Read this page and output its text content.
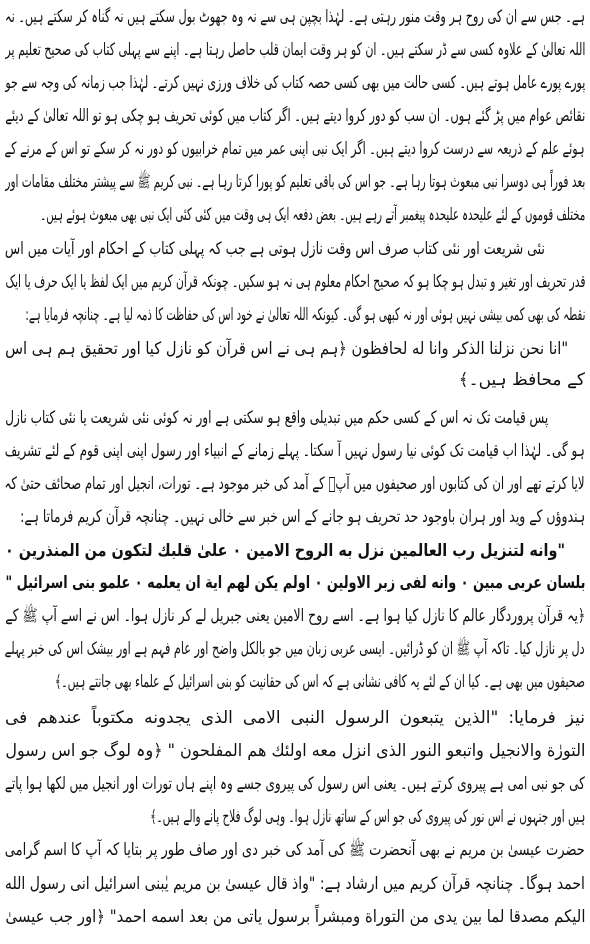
ہے۔ جس سے ان کی روح ہر وقت منور رہتی ہے۔ لہٰذا بچپن ہی سے نہ وہ جھوٹ بول سکتے ہیں نہ گناہ کر سکتے ہیں۔ نہ
اللہ تعالیٰ کے علاوہ کسی سے ڈر سکتے ہیں۔ ان کو ہر وقت ایمان قلب حاصل رہتا ہے۔ اپنے سے پہلی کتاب کی صحیح تعلیم پر
پورے پورے عامل ہوتے ہیں۔ کسی حالت میں بھی کسی حصہ کتاب کی خلاف ورزی نہیں کرتے۔ لہٰذا جب زمانہ کی وجہ سے جو
نقائص عوام میں پڑ گئے ہوں۔ ان سب کو دور کروا دیتے ہیں۔ اگر کتاب میں کوئی تحریف ہو چکی ہو تو اللہ تعالیٰ کے دیئے
ہوئے علم کے ذریعہ سے درست کروا دیتے ہیں۔ اگر ایک نبی اپنی عمر میں تمام خرابیوں کو دور نہ کر سکے تو اس کے مرنے کے
بعد فوراً ہی دوسرا نبی مبعوث ہوتا رہا ہے۔ جو اس کی باقی تعلیم کو پورا کرتا رہا ہے۔ نبی کریم ﷺ سے پیشتر مختلف مقامات اور
مختلف قوموں کے لئے علیحدہ علیحدہ پیغمبر آتے رہے ہیں۔ بعض دفعہ ایک ہی وقت میں کئی کئی ایک نبی بھی مبعوث ہوئے ہیں۔
نئی شریعت اور نئی کتاب صرف اس وقت نازل ہوتی ہے جب کہ پہلی کتاب کے احکام اور آیات میں اس
قدر تحریف اور تغیر و تبدل ہو چکا ہو کہ صحیح احکام معلوم ہی نہ ہو سکیں۔ چونکہ قرآن کریم میں ایک لفظ یا ایک حرف یا ایک
نقطہ کی بھی کمی بیشی نہیں ہوئی اور نہ کبھی ہو گی۔ کیونکہ اللہ تعالیٰ نے خود اس کی حفاظت کا ذمہ لیا ہے۔ چنانچہ فرمایا ہے:
"انا نحن نزلنا الذکر وانا له لحافظون ﴿ہم ہی نے اس قرآن کو نازل کیا اور تحقیق ہم ہی اس
کے محافظ ہیں۔﴾
پس قیامت تک نہ اس کے کسی حکم میں تبدیلی واقع ہو سکتی ہے اور نہ کوئی نئی شریعت یا نئی کتاب نازل
ہو گی۔ لہٰذا اب قیامت تک کوئی نیا رسول نہیں آ سکتا۔ پہلے زمانے کے انبیاء اور رسول اپنی اپنی قوم کے لئے تشریف
لایا کرتے تھے اور ان کی کتابوں اور صحیفوں میں آپؐ کے آمد کی خبر موجود ہے۔ تورات، انجیل اور تمام صحائف حتیٰ کہ
ہندوؤں کے وید اور ہران باوجود حد تحریف ہو جانے کے اس خبر سے خالی نہیں۔ چنانچہ قرآن کریم فرماتا ہے:
"وانه لتنزیل رب العالمین نزل به الروح الامین ۰ علیٰ قلبك لتکون من المنذرین ۰
بلسان عربی مبین ۰ وانه لفی زبر الاولین ۰ اولم یکن لهم ایة ان یعلمه ۰ علمو بنی اسرائیل "
﴿یہ قرآن پروردگار عالم کا نازل کیا ہوا ہے۔ اسے روح الامین یعنی جبریل لے کر نازل ہوا۔ اس نے اسے آپ ﷺ کے
دل پر نازل کیا۔ تاکہ آپ ﷺ ان کو ڈرائیں۔ ایسی عربی زبان میں جو بالکل واضح اور عام فہم ہے اور بیشک اس کی خبر پہلے
صحیفوں میں بھی ہے۔ کیا ان کے لئے یہ کافی نشانی ہے کہ اس کی حقانیت کو بنی اسرائیل کے علماء بھی جانتے ہیں۔﴾
نیز فرمایا: "الذین یتبعون الرسول النبی الامی الذی یجدونه مکتوباً عندهم فی
التورٰة والانجیل واتبعو النور الذی انزل معه اولئك هم المفلحون " ﴿وہ لوگ جو اس رسول
کی جو نبی امی ہے پیروی کرتے ہیں۔ یعنی اس رسول کی پیروی جسے وہ اپنے ہاں تورات اور انجیل میں لکھا ہوا پاتے
ہیں اور جنہوں نے اس نور کی پیروی کی جو اس کے ساتھ نازل ہوا۔ وہی لوگ فلاح پانے والے ہیں۔﴾
حضرت عیسیٰ بن مریم نے بھی آنحضرت ﷺ کی آمد کی خبر دی اور صاف طور پر بتایا کہ آپ کا اسم گرامی
احمد ہوگا۔ چنانچہ قرآن کریم میں ارشاد ہے: "واذ قال عیسیٰ بن مریم یٰبنی اسرائیل انی رسول الله
الیکم مصدقا لما بین یدی من التوراة ومبشراً برسول یاتی من بعد اسمه احمد" ﴿اور جب عیسیٰ
